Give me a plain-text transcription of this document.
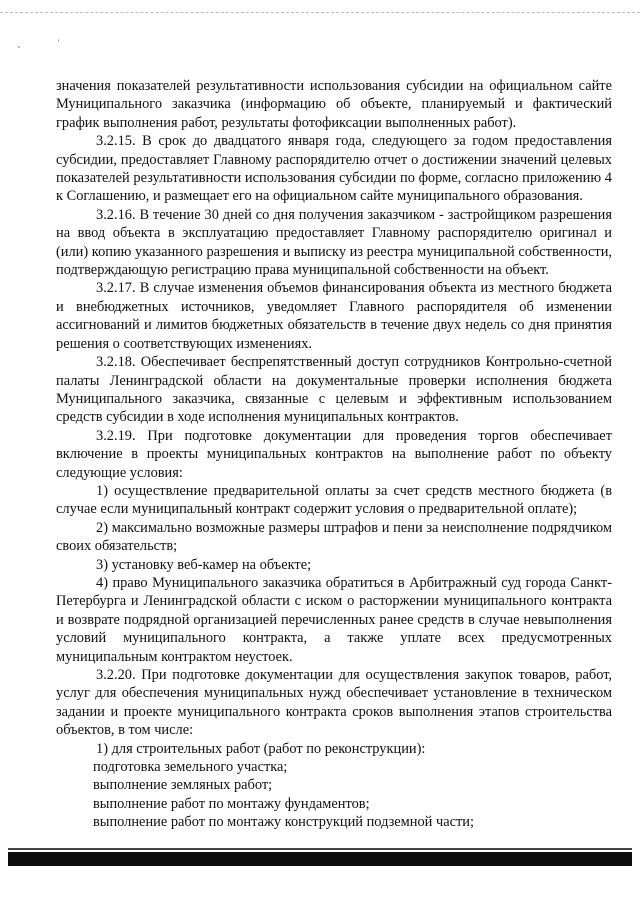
,	'

значения показателей результативности использования субсидии на официальном сайте Муниципального заказчика (информацию об объекте, планируемый и фактический график выполнения работ, результаты фотофиксации выполненных работ).

3.2.15. В срок до двадцатого января года, следующего за годом предоставления субсидии, предоставляет Главному распорядителю отчет о достижении значений целевых показателей результативности использования субсидии по форме, согласно приложению 4 к Соглашению, и размещает его на официальном сайте муниципального образования.

3.2.16. В течение 30 дней со дня получения заказчиком - застройщиком разрешения на ввод объекта в эксплуатацию предоставляет Главному распорядителю оригинал и (или) копию указанного разрешения и выписку из реестра муниципальной собственности, подтверждающую регистрацию права муниципальной собственности на объект.

3.2.17. В случае изменения объемов финансирования объекта из местного бюджета и внебюджетных источников, уведомляет Главного распорядителя об изменении ассигнований и лимитов бюджетных обязательств в течение двух недель со дня принятия решения о соответствующих изменениях.

3.2.18. Обеспечивает беспрепятственный доступ сотрудников Контрольно-счетной палаты Ленинградской области на документальные проверки исполнения бюджета Муниципального заказчика, связанные с целевым и эффективным использованием средств субсидии в ходе исполнения муниципальных контрактов.

3.2.19. При подготовке документации для проведения торгов обеспечивает включение в проекты муниципальных контрактов на выполнение работ по объекту следующие условия:

1) осуществление предварительной оплаты за счет средств местного бюджета (в случае если муниципальный контракт содержит условия о предварительной оплате);

2) максимально возможные размеры штрафов и пени за неисполнение подрядчиком своих обязательств;

3) установку веб-камер на объекте;

4) право Муниципального заказчика обратиться в Арбитражный суд города Санкт-Петербурга и Ленинградской области с иском о расторжении муниципального контракта и возврате подрядной организацией перечисленных ранее средств в случае невыполнения условий муниципального контракта, а также уплате всех предусмотренных муниципальным контрактом неустоек.

3.2.20. При подготовке документации для осуществления закупок товаров, работ, услуг для обеспечения муниципальных нужд обеспечивает установление в техническом задании и проекте муниципального контракта сроков выполнения этапов строительства объектов, в том числе:

1) для строительных работ (работ по реконструкции):

подготовка земельного участка;

выполнение земляных работ;

выполнение работ по монтажу фундаментов;

выполнение работ по монтажу конструкций подземной части;
